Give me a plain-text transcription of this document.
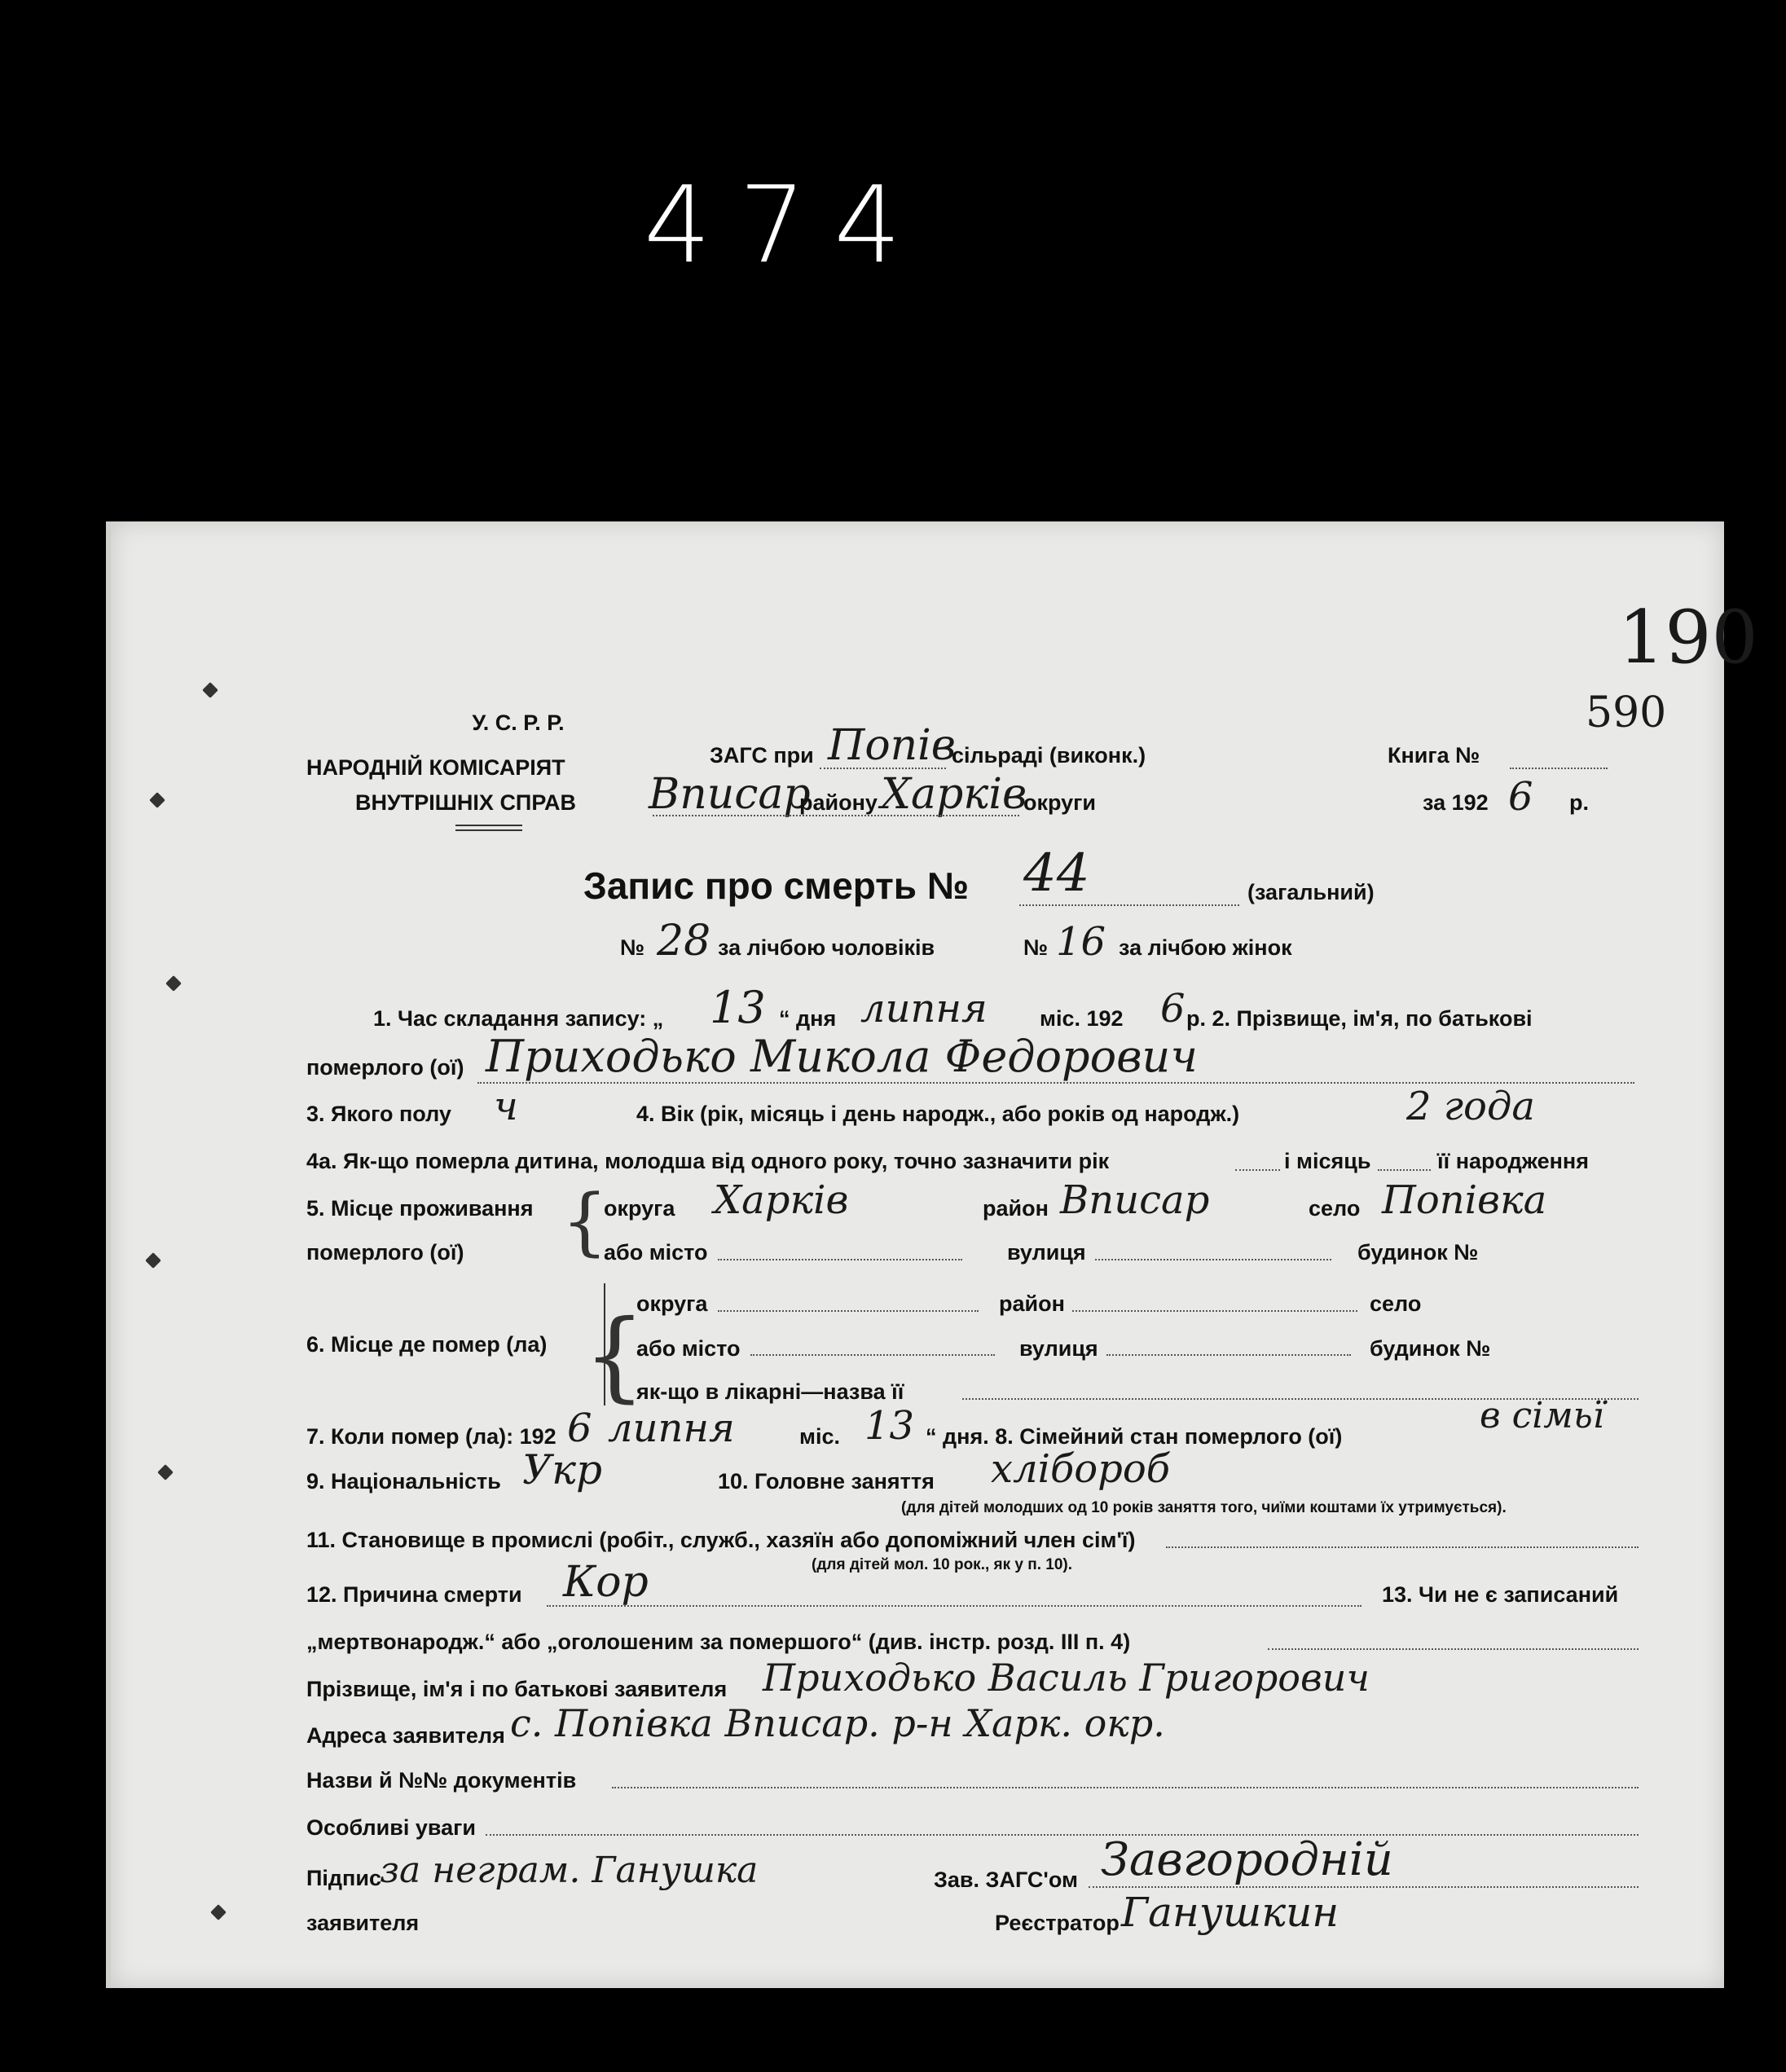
474
190
590
У. С. Р. Р.
НАРОДНІЙ КОМІСАРІЯТ
ВНУТРІШНІХ СПРАВ
ЗАГС при Попів
сільраді (виконк.)
Вписар
району Харків
округи
Книга №
за 192 6 р.
Запис про смерть № 44	(загальний)
№ 28 за лічбою чоловіків	№ 16 за лічбою жінок
1. Час складання запису: „ 13 “ дня липня міс. 192 6 р. 2. Прізвище, ім'я, по батькові
померлого (ої) Приходько Микола Федорович
3. Якого полу ч	4. Вік (рік, місяць і день народж., або років од народж.)	2 года
4а. Як-що померла дитина, молодша від одного року, точно зазначити рік	і місяць	її народження
5. Місце проживання
померлого (ої) {
округа Харків	район Вписар	село Попівка
або місто	вулиця	будинок №
{
6. Місце де помер (ла)
округа	район	село
або місто	вулиця	будинок №
як-що в лікарні—назва її
7. Коли помер (ла): 192 6 липня	міс. 13 “ дня. 8. Сімейний стан померлого (ої)	в сімьї
9. Національність Укр	10. Головне заняття хлібороб
(для дітей молодших од 10 років заняття того, чиїми коштами їх утримується).
11. Становище в промислі (робіт., служб., хазяїн або допоміжний член сім'ї)
(для дітей мол. 10 рок., як у п. 10).
12. Причина смерти Кор	13. Чи не є записаний
„мертвонародж.“ або „оголошеним за помершого“ (див. інстр. розд. III п. 4)
Прізвище, ім'я і по батькові заявителя Приходько Василь Григорович
Адреса заявителя с. Попівка Вписар. р-н Харк. окр.
Назви й №№ документів
Особливі уваги
Підпис
заявителя
за неграм. Ганушка	Зав. ЗАГС'ом Завгородній
Реєстратор Ганушкин
